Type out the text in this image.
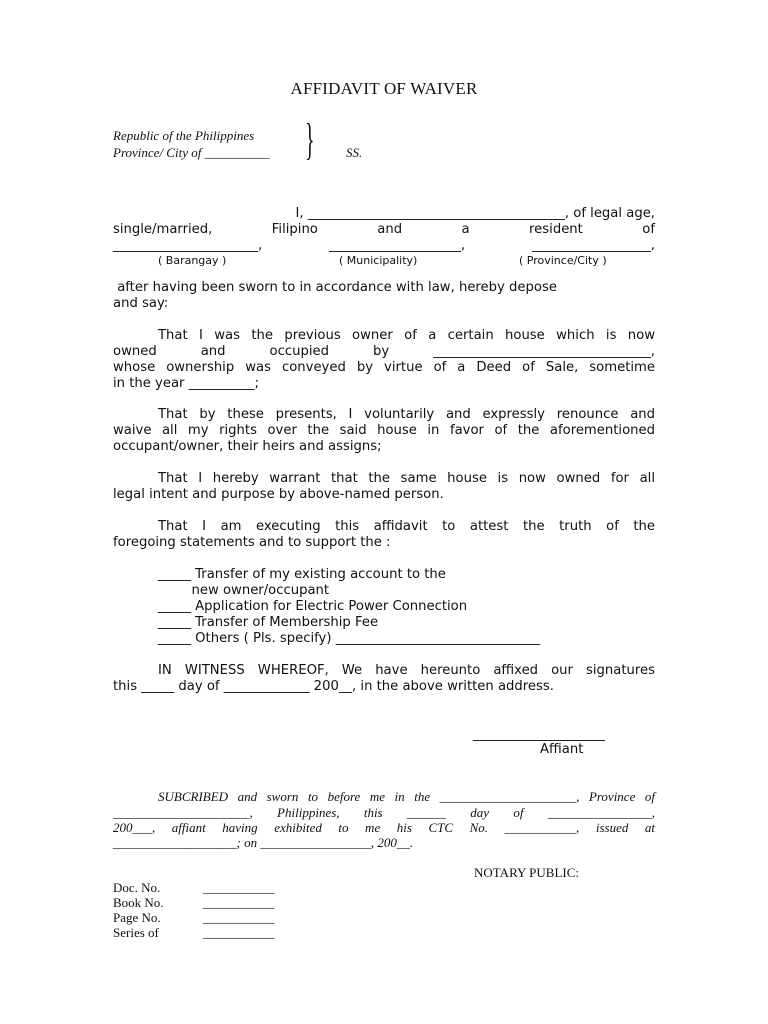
AFFIDAVIT OF WAIVER
Republic of the Philippines
Province/ City of __________ } SS.
I, _______________________________________, of legal age,
single/married,	Filipino	and	a	resident	of
______________________,	____________________,	__________________,
( Barangay )	( Municipality)	( Province/City )
after having been sworn to in accordance with law, hereby depose
and say:
That I was the previous owner of a certain house which is now
owned and occupied by _________________________________,
whose ownership was conveyed by virtue of a Deed of Sale, sometime
in the year __________;
That by these presents, I voluntarily and expressly renounce and
waive all my rights over the said house in favor of the aforementioned
occupant/owner, their heirs and assigns;
That I hereby warrant that the same house is now owned for all
legal intent and purpose by above-named person.
That I am executing this affidavit to attest the truth of the
foregoing statements and to support the :
_____ Transfer of my existing account to the
new owner/occupant
_____ Application for Electric Power Connection
_____ Transfer of Membership Fee
_____ Others ( Pls. specify) _______________________________
IN WITNESS WHEREOF, We have hereunto affixed our signatures
this _____ day of _____________ 200__, in the above written address.
____________________
Affiant
SUBCRIBED and sworn to before me in the _____________________, Province of
_____________________, Philippines, this ______ day of ________________,
200___, affiant having exhibited to me his CTC No. ___________, issued at
___________________; on _________________, 200__.
NOTARY PUBLIC:
Doc. No.	___________
Book No.	___________
Page No.	___________
Series of	___________
